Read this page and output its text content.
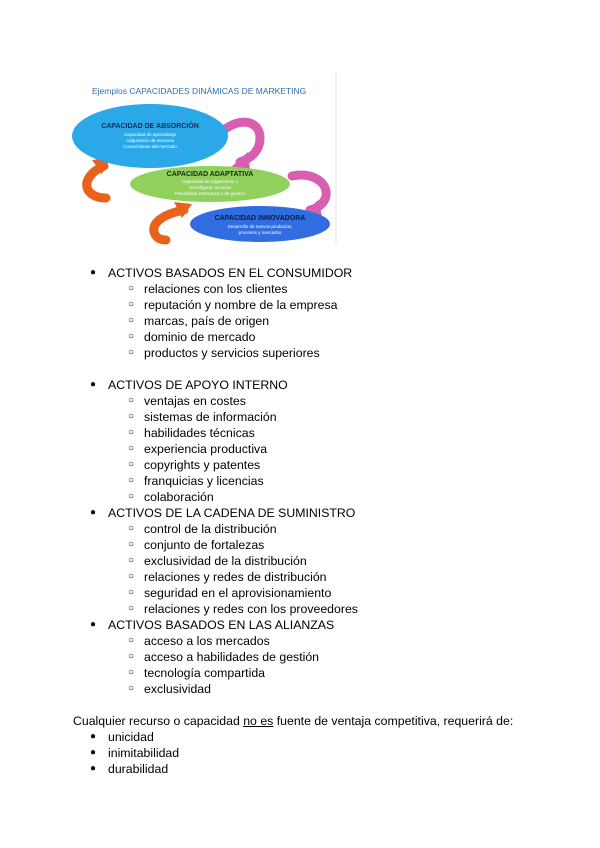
Ejemplos CAPACIDADES DINÁMICAS DE MARKETING
CAPACIDAD DE ABSORCIÓN
Capacidad de aprendizaje
Adquisición de recursos
Conocimiento del mercado
CAPACIDAD ADAPTATIVA
Capacidad de organizarse y
reconfigurar recursos
Flexibilidad estructural y de gestión
CAPACIDAD INNOVADORA
Desarrollo de nuevos productos,
procesos y mercados
● ACTIVOS BASADOS EN EL CONSUMIDOR
○ relaciones con los clientes
○ reputación y nombre de la empresa
○ marcas, país de origen
○ dominio de mercado
○ productos y servicios superiores
● ACTIVOS DE APOYO INTERNO
○ ventajas en costes
○ sistemas de información
○ habilidades técnicas
○ experiencia productiva
○ copyrights y patentes
○ franquicias y licencias
○ colaboración
● ACTIVOS DE LA CADENA DE SUMINISTRO
○ control de la distribución
○ conjunto de fortalezas
○ exclusividad de la distribución
○ relaciones y redes de distribución
○ seguridad en el aprovisionamiento
○ relaciones y redes con los proveedores
● ACTIVOS BASADOS EN LAS ALIANZAS
○ acceso a los mercados
○ acceso a habilidades de gestión
○ tecnología compartida
○ exclusividad
Cualquier recurso o capacidad no es fuente de ventaja competitiva, requerirá de:
● unicidad
● inimitabilidad
● durabilidad
